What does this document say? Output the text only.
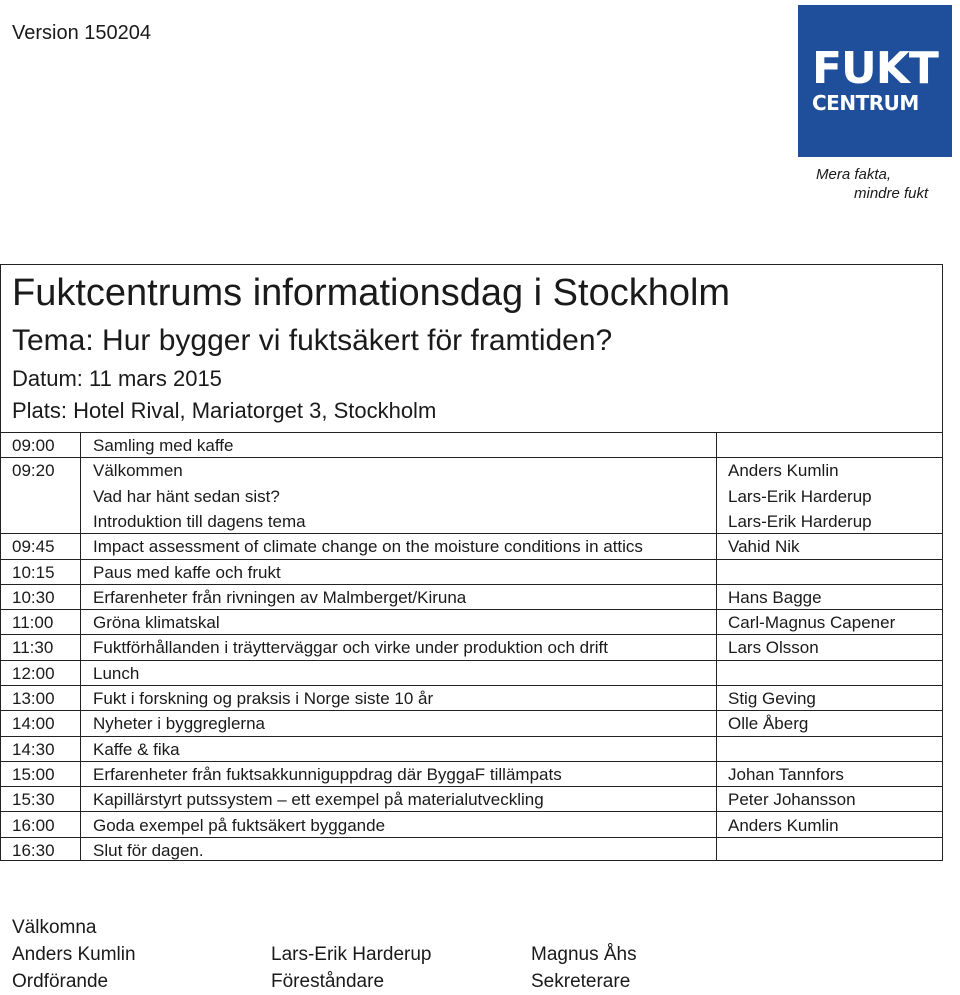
Version 150204
FUKT
CENTRUM
Mera fakta,
mindre fukt
Fuktcentrums informationsdag i Stockholm
Tema: Hur bygger vi fuktsäkert för framtiden?
Datum: 11 mars 2015
Plats: Hotel Rival, Mariatorget 3, Stockholm
09:00 Samling med kaffe
09:20 Välkommen	Anders Kumlin
Vad har hänt sedan sist?	Lars-Erik Harderup
Introduktion till dagens tema	Lars-Erik Harderup
09:45 Impact assessment of climate change on the moisture conditions in attics	Vahid Nik
10:15 Paus med kaffe och frukt
10:30 Erfarenheter från rivningen av Malmberget/Kiruna	Hans Bagge
11:00 Gröna klimatskal	Carl-Magnus Capener
11:30 Fuktförhållanden i träytterväggar och virke under produktion och drift	Lars Olsson
12:00 Lunch
13:00 Fukt i forskning og praksis i Norge siste 10 år	Stig Geving
14:00 Nyheter i byggreglerna	Olle Åberg
14:30 Kaffe & fika
15:00 Erfarenheter från fuktsakkunniguppdrag där ByggaF tillämpats	Johan Tannfors
15:30 Kapillärstyrt putssystem – ett exempel på materialutveckling	Peter Johansson
16:00 Goda exempel på fuktsäkert byggande	Anders Kumlin
16:30 Slut för dagen.
Välkomna
Anders Kumlin
Ordförande
Lars-Erik Harderup
Föreståndare
Magnus Åhs
Sekreterare
